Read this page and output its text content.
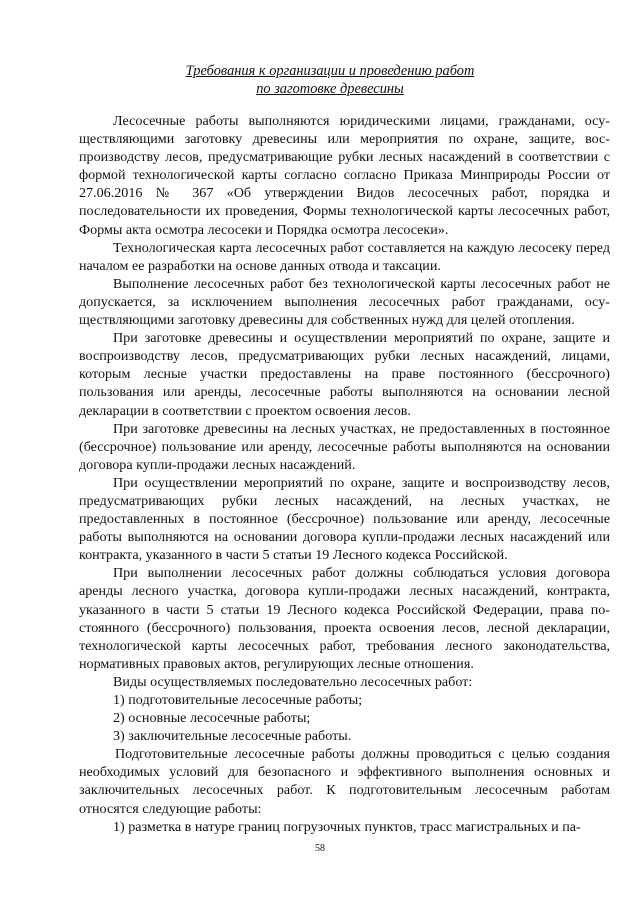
Требования к организации и проведению работ

по заготовке древесины

Лесосечные работы выполняются юридическими лицами, гражданами, осуществляющими заготовку древесины или мероприятия по охране, защите, воспроизводству лесов, предусматривающие рубки лесных насаждений в соответствии с формой технологической карты согласно согласно Приказа Минприроды России от 27.06.2016 № 367 «Об утверждении Видов лесосечных работ, порядка и последовательности их проведения, Формы технологической карты лесосечных работ, Формы акта осмотра лесосеки и Порядка осмотра лесосеки».

Технологическая карта лесосечных работ составляется на каждую лесосеку перед началом ее разработки на основе данных отвода и таксации.

Выполнение лесосечных работ без технологической карты лесосечных работ не допускается, за исключением выполнения лесосечных работ гражданами, осуществляющими заготовку древесины для собственных нужд для целей отопления.

При заготовке древесины и осуществлении мероприятий по охране, защите и воспроизводству лесов, предусматривающих рубки лесных насаждений, лицами, которым лесные участки предоставлены на праве постоянного (бессрочного) пользования или аренды, лесосечные работы выполняются на основании лесной декларации в соответствии с проектом освоения лесов.

При заготовке древесины на лесных участках, не предоставленных в постоянное (бессрочное) пользование или аренду, лесосечные работы выполняются на основании договора купли-продажи лесных насаждений.

При осуществлении мероприятий по охране, защите и воспроизводству лесов, предусматривающих рубки лесных насаждений, на лесных участках, не предоставленных в постоянное (бессрочное) пользование или аренду, лесосечные работы выполняются на основании договора купли-продажи лесных насаждений или контракта, указанного в части 5 статьи 19 Лесного кодекса Российской.

При выполнении лесосечных работ должны соблюдаться условия договора аренды лесного участка, договора купли-продажи лесных насаждений, контракта, указанного в части 5 статьи 19 Лесного кодекса Российской Федерации, права постоянного (бессрочного) пользования, проекта освоения лесов, лесной декларации, технологической карты лесосечных работ, требования лесного законодательства, нормативных правовых актов, регулирующих лесные отношения.

Виды осуществляемых последовательно лесосечных работ:

1) подготовительные лесосечные работы;

2) основные лесосечные работы;

3) заключительные лесосечные работы.

Подготовительные лесосечные работы должны проводиться с целью создания необходимых условий для безопасного и эффективного выполнения основных и заключительных лесосечных работ. К подготовительным лесосечным работам относятся следующие работы:

1) разметка в натуре границ погрузочных пунктов, трасс магистральных и па-

58
